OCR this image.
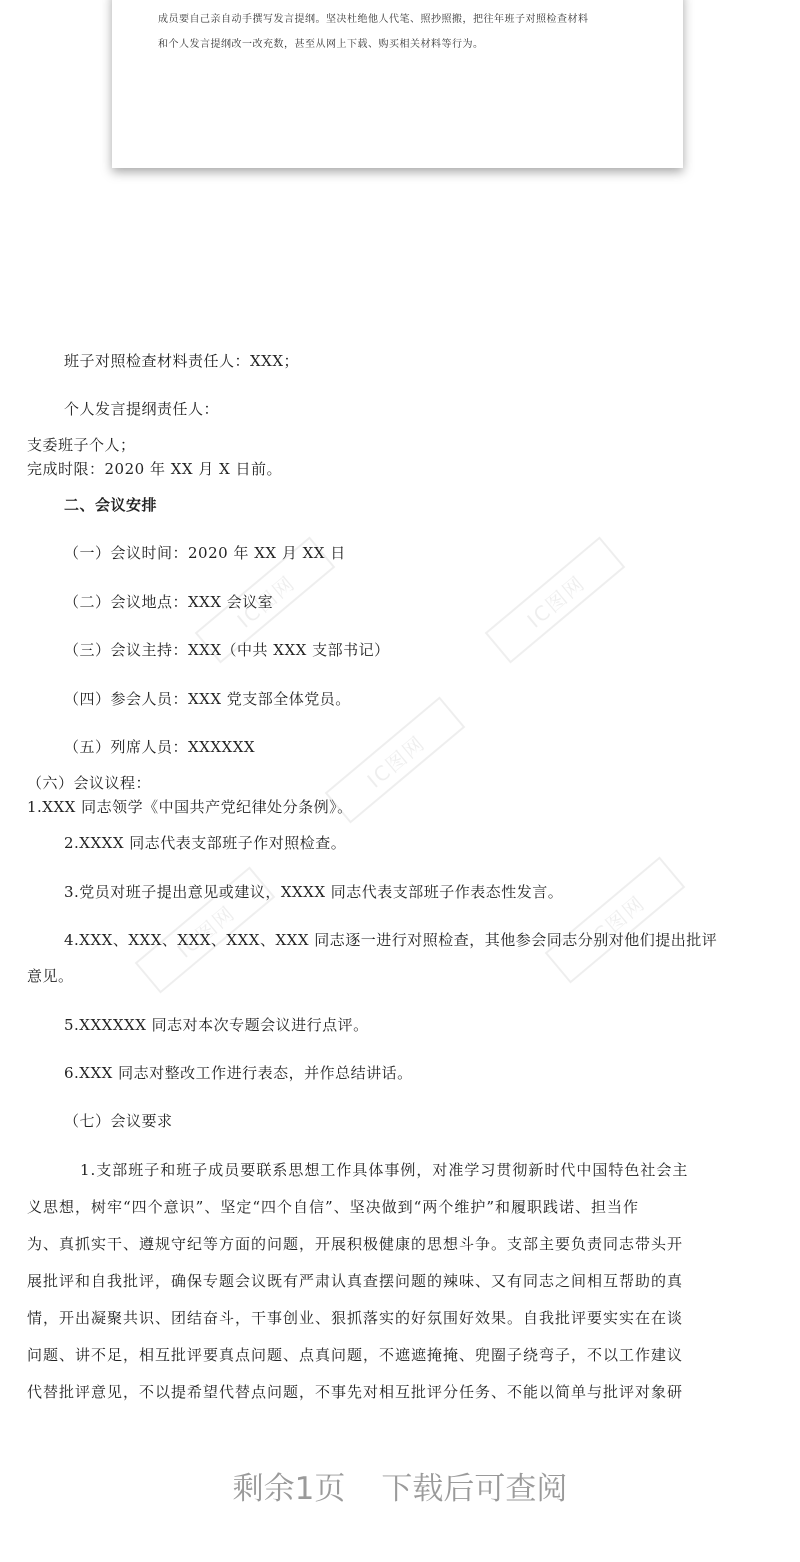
成员要自己亲自动手撰写发言提纲。坚决杜绝他人代笔、照抄照搬，把往年班子对照检查材料
和个人发言提纲改一改充数，甚至从网上下载、购买相关材料等行为。
IC图网	IC图网
IC图网
IC图网	IC图网
班子对照检查材料责任人：XXX；
个人发言提纲责任人：
支委班子个人；
完成时限：2020 年 XX 月 X 日前。
二、会议安排
（一）会议时间：2020 年 XX 月 XX 日
（二）会议地点：XXX 会议室
（三）会议主持：XXX（中共 XXX 支部书记）
（四）参会人员：XXX 党支部全体党员。
（五）列席人员：XXXXXX
（六）会议议程：
1.XXX 同志领学《中国共产党纪律处分条例》。
2.XXXX 同志代表支部班子作对照检查。
3.党员对班子提出意见或建议，XXXX 同志代表支部班子作表态性发言。
4.XXX、XXX、XXX、XXX、XXX 同志逐一进行对照检查，其他参会同志分别对他们提出批评
意见。
5.XXXXXX 同志对本次专题会议进行点评。
6.XXX 同志对整改工作进行表态，并作总结讲话。
（七）会议要求
1.支部班子和班子成员要联系思想工作具体事例，对准学习贯彻新时代中国特色社会主
义思想，树牢“四个意识”、坚定“四个自信”、坚决做到“两个维护”和履职践诺、担当作
为、真抓实干、遵规守纪等方面的问题，开展积极健康的思想斗争。支部主要负责同志带头开
展批评和自我批评，确保专题会议既有严肃认真查摆问题的辣味、又有同志之间相互帮助的真
情，开出凝聚共识、团结奋斗，干事创业、狠抓落实的好氛围好效果。自我批评要实实在在谈
问题、讲不足，相互批评要真点问题、点真问题，不遮遮掩掩、兜圈子绕弯子，不以工作建议
代替批评意见，不以提希望代替点问题，不事先对相互批评分任务、不能以简单与批评对象研
剩余1页 下载后可查阅
